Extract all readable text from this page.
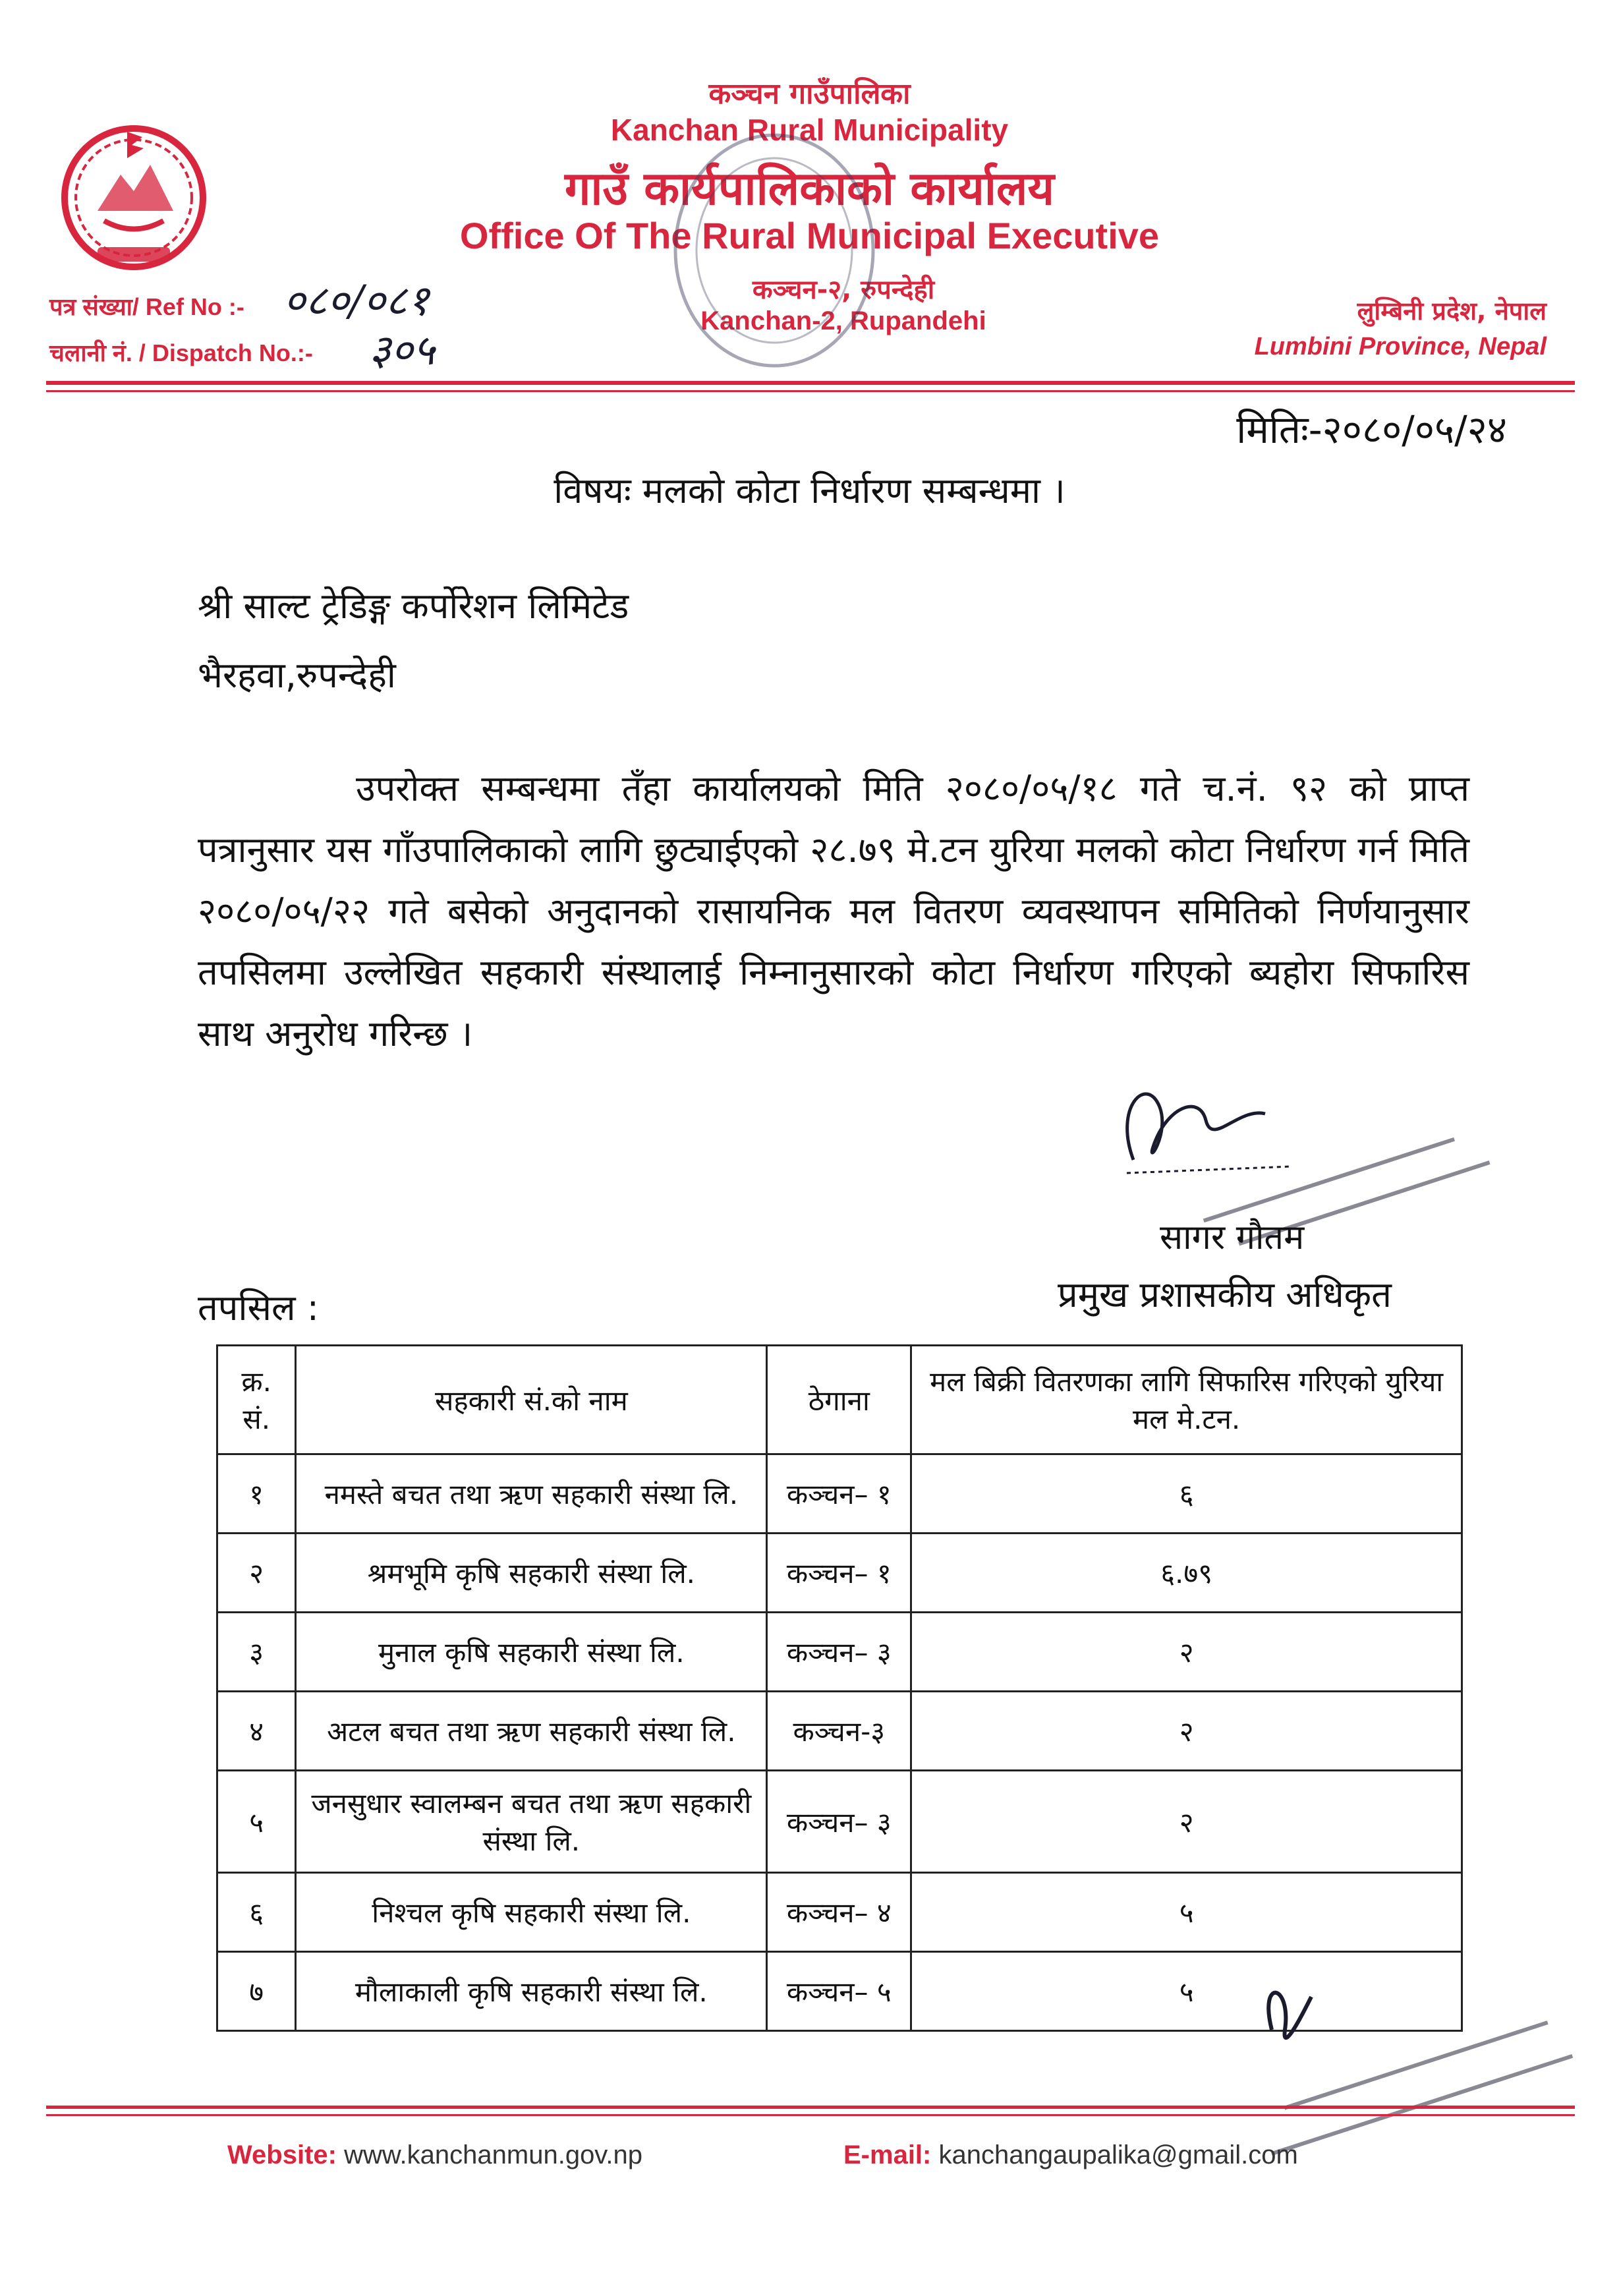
कञ्चन गाउँपालिका
Kanchan Rural Municipality
गाउँ कार्यपालिकाको कार्यालय
Office Of The Rural Municipal Executive
कञ्चन-२, रुपन्देही
Kanchan-2, Rupandehi
पत्र संख्या/ Ref No :- ०८०/०८१
चलानी नं. / Dispatch No.:- ३०५
लुम्बिनी प्रदेश, नेपाल
Lumbini Province, Nepal
मितिः-२०८०/०५/२४
विषयः मलको कोटा निर्धारण सम्बन्धमा ।
श्री साल्ट ट्रेडिङ्ग कर्पोरेशन लिमिटेड
भैरहवा,रुपन्देही
उपरोक्त सम्बन्धमा तँहा कार्यालयको मिति २०८०/०५/१८ गते च.नं. ९२ को प्राप्त पत्रानुसार यस गाँउपालिकाको लागि छुट्याईएको २८.७९ मे.टन युरिया मलको कोटा निर्धारण गर्न मिति २०८०/०५/२२ गते बसेको अनुदानको रासायनिक मल वितरण व्यवस्थापन समितिको निर्णयानुसार तपसिलमा उल्लेखित सहकारी संस्थालाई निम्नानुसारको कोटा निर्धारण गरिएको ब्यहोरा सिफारिस साथ अनुरोध गरिन्छ ।
सागर गौतम
प्रमुख प्रशासकीय अधिकृत
तपसिल :
क्र. सं.	सहकारी सं.को नाम	ठेगाना	मल बिक्री वितरणका लागि सिफारिस गरिएको युरिया मल मे.टन.
१	नमस्ते बचत तथा ऋण सहकारी संस्था लि.	कञ्चन– १	६
२	श्रमभूमि कृषि सहकारी संस्था लि.	कञ्चन– १	६.७९
३	मुनाल कृषि सहकारी संस्था लि.	कञ्चन– ३	२
४	अटल बचत तथा ऋण सहकारी संस्था लि.	कञ्चन-३	२
५	जनसुधार स्वालम्बन बचत तथा ऋण सहकारी संस्था लि.	कञ्चन– ३	२
६	निश्चल कृषि सहकारी संस्था लि.	कञ्चन– ४	५
७	मौलाकाली कृषि सहकारी संस्था लि.	कञ्चन– ५	५
Website: www.kanchanmun.gov.np	E-mail: kanchangaupalika@gmail.com
